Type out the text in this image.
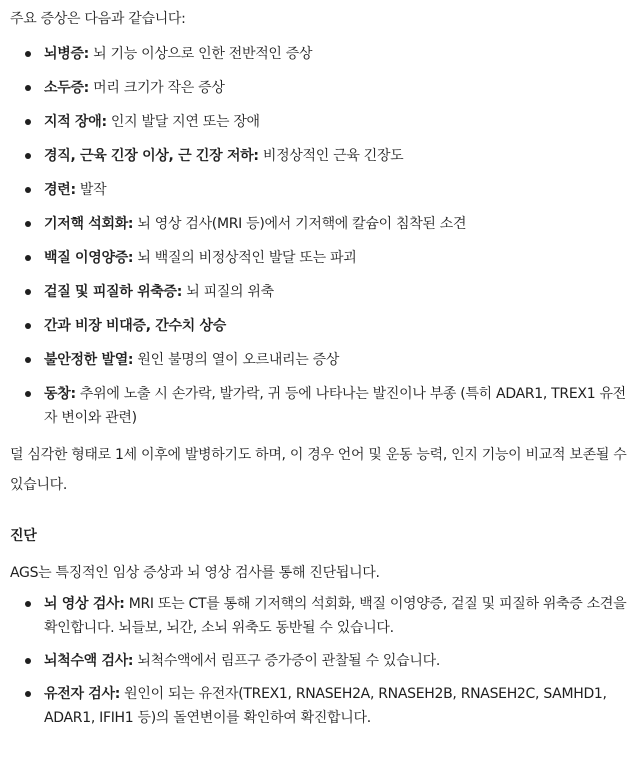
주요 증상은 다음과 같습니다:

뇌병증: 뇌 기능 이상으로 인한 전반적인 증상
소두증: 머리 크기가 작은 증상
지적 장애: 인지 발달 지연 또는 장애
경직, 근육 긴장 이상, 근 긴장 저하: 비정상적인 근육 긴장도
경련: 발작
기저핵 석회화: 뇌 영상 검사(MRI 등)에서 기저핵에 칼슘이 침착된 소견
백질 이영양증: 뇌 백질의 비정상적인 발달 또는 파괴
겉질 및 피질하 위축증: 뇌 피질의 위축
간과 비장 비대증, 간수치 상승
불안정한 발열: 원인 불명의 열이 오르내리는 증상
동창: 추위에 노출 시 손가락, 발가락, 귀 등에 나타나는 발진이나 부종 (특히 ADAR1, TREX1 유전자 변이와 관련)

덜 심각한 형태로 1세 이후에 발병하기도 하며, 이 경우 언어 및 운동 능력, 인지 기능이 비교적 보존될 수 있습니다.

진단

AGS는 특징적인 임상 증상과 뇌 영상 검사를 통해 진단됩니다.

뇌 영상 검사: MRI 또는 CT를 통해 기저핵의 석회화, 백질 이영양증, 겉질 및 피질하 위축증 소견을 확인합니다. 뇌들보, 뇌간, 소뇌 위축도 동반될 수 있습니다.
뇌척수액 검사: 뇌척수액에서 림프구 증가증이 관찰될 수 있습니다.
유전자 검사: 원인이 되는 유전자(TREX1, RNASEH2A, RNASEH2B, RNASEH2C, SAMHD1, ADAR1, IFIH1 등)의 돌연변이를 확인하여 확진합니다.
